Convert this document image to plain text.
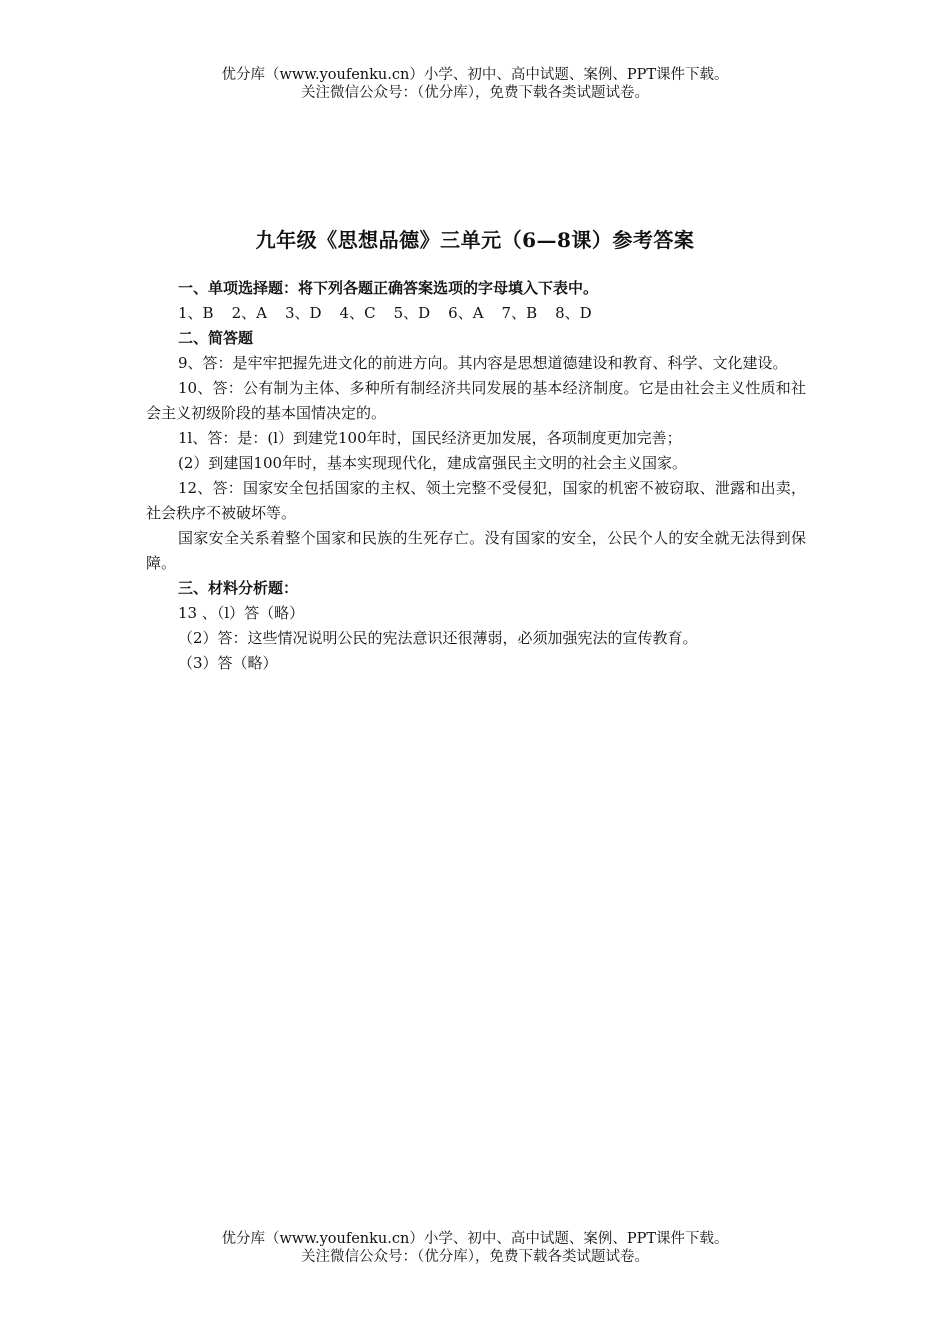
优分库（www.youfenku.cn）小学、初中、高中试题、案例、PPT课件下载。
关注微信公众号：（优分库），免费下载各类试题试卷。
九年级《思想品德》三单元（6—8课）参考答案

一、单项选择题：将下列各题正确答案选项的字母填入下表中。

1、B 2、A 3、D 4、C 5、D 6、A 7、B 8、D

二、简答题

9、答：是牢牢把握先进文化的前进方向。其内容是思想道德建设和教育、科学、文化建设。

10、答：公有制为主体、多种所有制经济共同发展的基本经济制度。它是由社会主义性质和社会主义初级阶段的基本国情决定的。

1l、答：是：(l）到建党100年时，国民经济更加发展，各项制度更加完善；

(2）到建国100年时，基本实现现代化，建成富强民主文明的社会主义国家。

12、答：国家安全包括国家的主权、领土完整不受侵犯，国家的机密不被窃取、泄露和出卖，社会秩序不被破坏等。

国家安全关系着整个国家和民族的生死存亡。没有国家的安全，公民个人的安全就无法得到保障。

三、材料分析题：

13 、（l）答（略）

（2）答：这些情况说明公民的宪法意识还很薄弱，必须加强宪法的宣传教育。

（3）答（略）

优分库（www.youfenku.cn）小学、初中、高中试题、案例、PPT课件下载。
关注微信公众号：（优分库），免费下载各类试题试卷。
